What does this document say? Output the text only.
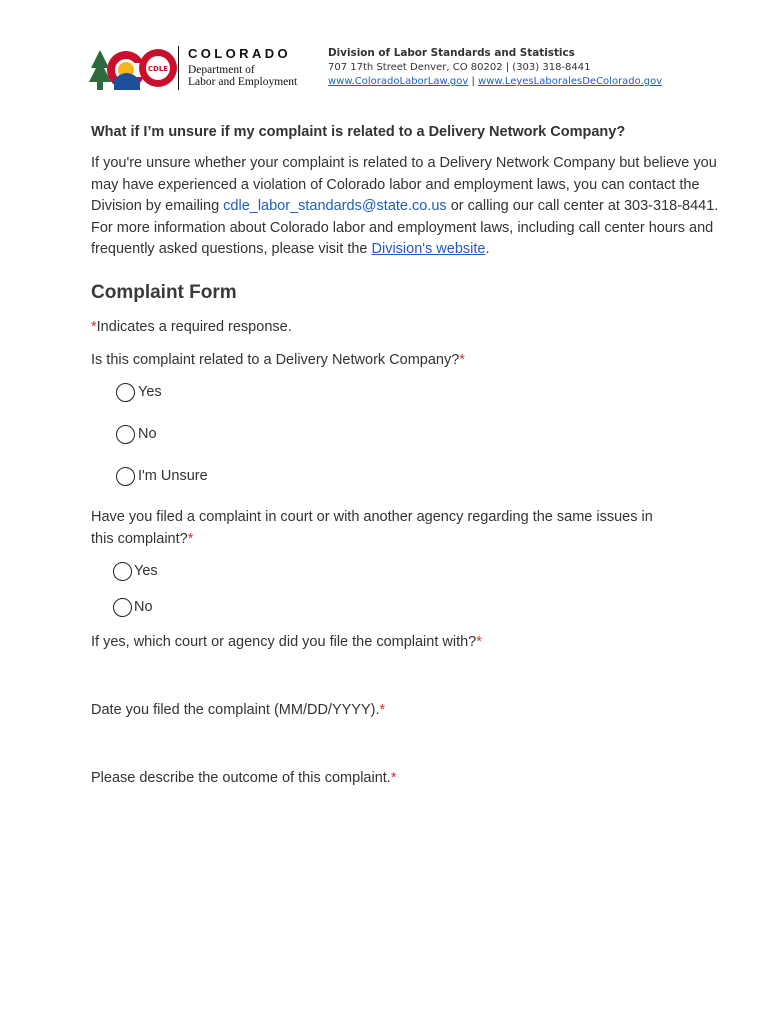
CDLE
COLORADO
Department of
Labor and Employment
Division of Labor Standards and Statistics
707 17th Street Denver, CO 80202 | (303) 318-8441
www.ColoradoLaborLaw.gov | www.LeyesLaboralesDeColorado.gov
What if I’m unsure if my complaint is related to a Delivery Network Company?

If you're unsure whether your complaint is related to a Delivery Network Company but believe you may have experienced a violation of Colorado labor and employment laws, you can contact the Division by emailing cdle_labor_standards@state.co.us or calling our call center at 303-318-8441. For more information about Colorado labor and employment laws, including call center hours and frequently asked questions, please visit the Division's website.

Complaint Form
*Indicates a required response.
Is this complaint related to a Delivery Network Company?*
Yes
No
I'm Unsure
Have you filed a complaint in court or with another agency regarding the same issues in
this complaint?*
Yes
No
If yes, which court or agency did you file the complaint with?*
Date you filed the complaint (MM/DD/YYYY).*
Please describe the outcome of this complaint.*
